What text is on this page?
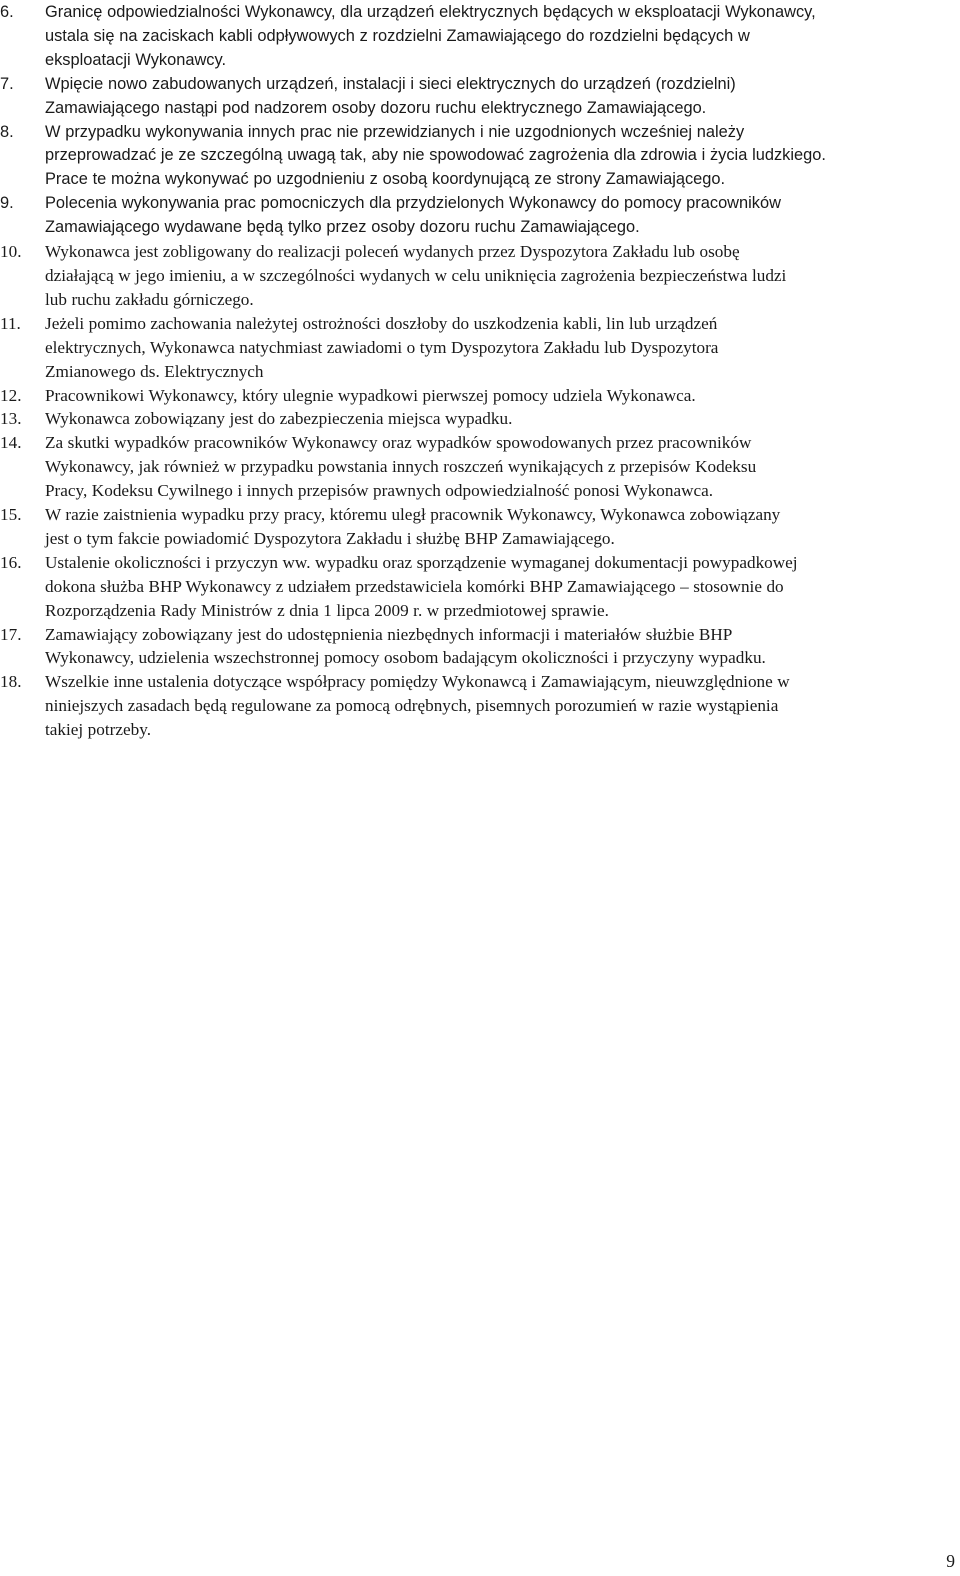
6.	Granicę odpowiedzialności Wykonawcy, dla urządzeń elektrycznych będących w eksploatacji Wykonawcy,
ustala się na zaciskach kabli odpływowych z rozdzielni Zamawiającego do rozdzielni będących w
eksploatacji Wykonawcy.
7.	Wpięcie nowo zabudowanych urządzeń, instalacji i sieci elektrycznych do urządzeń (rozdzielni)
Zamawiającego nastąpi pod nadzorem osoby dozoru ruchu elektrycznego Zamawiającego.
8.	W przypadku wykonywania innych prac nie przewidzianych i nie uzgodnionych wcześniej należy
przeprowadzać je ze szczególną uwagą tak, aby nie spowodować zagrożenia dla zdrowia i życia ludzkiego.
Prace te można wykonywać po uzgodnieniu z osobą koordynującą ze strony Zamawiającego.
9.	Polecenia wykonywania prac pomocniczych dla przydzielonych Wykonawcy do pomocy pracowników
Zamawiającego wydawane będą tylko przez osoby dozoru ruchu Zamawiającego.
10.	Wykonawca jest zobligowany do realizacji poleceń wydanych przez Dyspozytora Zakładu lub osobę
działającą w jego imieniu, a w szczególności wydanych w celu uniknięcia zagrożenia bezpieczeństwa ludzi
lub ruchu zakładu górniczego.
11.	Jeżeli pomimo zachowania należytej ostrożności doszłoby do uszkodzenia kabli, lin lub urządzeń
elektrycznych, Wykonawca natychmiast zawiadomi o tym Dyspozytora Zakładu lub Dyspozytora
Zmianowego ds. Elektrycznych
12.	Pracownikowi Wykonawcy, który ulegnie wypadkowi pierwszej pomocy udziela Wykonawca.
13.	Wykonawca zobowiązany jest do zabezpieczenia miejsca wypadku.
14.	Za skutki wypadków pracowników Wykonawcy oraz wypadków spowodowanych przez pracowników
Wykonawcy, jak również w przypadku powstania innych roszczeń wynikających z przepisów Kodeksu
Pracy, Kodeksu Cywilnego i innych przepisów prawnych odpowiedzialność ponosi Wykonawca.
15.	W razie zaistnienia wypadku przy pracy, któremu uległ pracownik Wykonawcy, Wykonawca zobowiązany
jest o tym fakcie powiadomić Dyspozytora Zakładu i służbę BHP Zamawiającego.
16.	Ustalenie okoliczności i przyczyn ww. wypadku oraz sporządzenie wymaganej dokumentacji powypadkowej
dokona służba BHP Wykonawcy z udziałem przedstawiciela komórki BHP Zamawiającego – stosownie do
Rozporządzenia Rady Ministrów z dnia 1 lipca 2009 r. w przedmiotowej sprawie.
17.	Zamawiający zobowiązany jest do udostępnienia niezbędnych informacji i materiałów służbie BHP
Wykonawcy, udzielenia wszechstronnej pomocy osobom badającym okoliczności i przyczyny wypadku.
18.	Wszelkie inne ustalenia dotyczące współpracy pomiędzy Wykonawcą i Zamawiającym, nieuwzględnione w
niniejszych zasadach będą regulowane za pomocą odrębnych, pisemnych porozumień w razie wystąpienia
takiej potrzeby.
9
